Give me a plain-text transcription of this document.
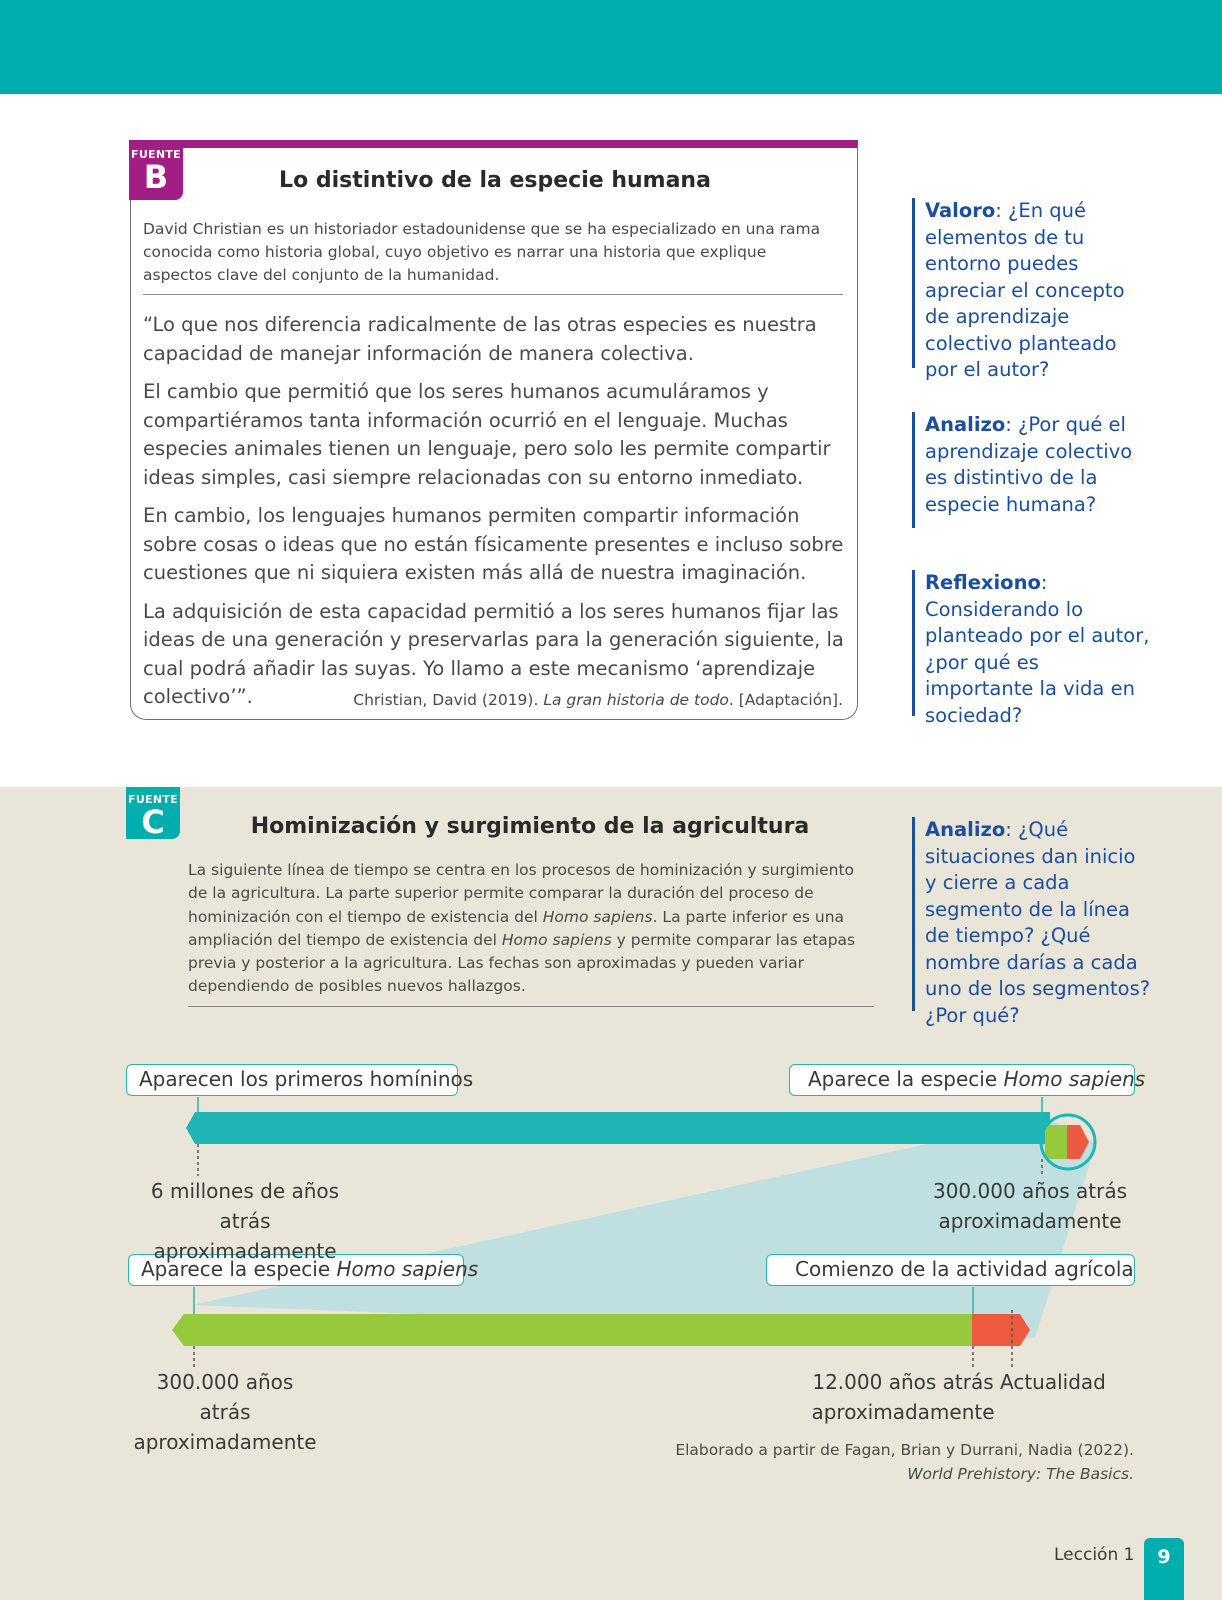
FUENTE
B	Lo distintivo de la especie humana
David Christian es un historiador estadounidense que se ha especializado en una rama conocida como historia global, cuyo objetivo es narrar una historia que explique aspectos clave del conjunto de la humanidad.

“Lo que nos diferencia radicalmente de las otras especies es nuestra capacidad de manejar información de manera colectiva.

El cambio que permitió que los seres humanos acumuláramos y compartiéramos tanta información ocurrió en el lenguaje. Muchas especies animales tienen un lenguaje, pero solo les permite compartir ideas simples, casi siempre relacionadas con su entorno inmediato.

En cambio, los lenguajes humanos permiten compartir información sobre cosas o ideas que no están físicamente presentes e incluso sobre cuestiones que ni siquiera existen más allá de nuestra imaginación.

La adquisición de esta capacidad permitió a los seres humanos fijar las ideas de una generación y preservarlas para la generación siguiente, la cual podrá añadir las suyas. Yo llamo a este mecanismo ‘aprendizaje colectivo’”.	Christian, David (2019). La gran historia de todo. [Adaptación].
Valoro: ¿En qué elementos de tu entorno puedes apreciar el concepto de aprendizaje colectivo planteado por el autor?
Analizo: ¿Por qué el aprendizaje colectivo es distintivo de la especie humana?
Reflexiono: Considerando lo planteado por el autor, ¿por qué es importante la vida en sociedad?
Analizo: ¿Qué situaciones dan inicio y cierre a cada segmento de la línea de tiempo? ¿Qué nombre darías a cada uno de los segmentos? ¿Por qué?
FUENTE
C	Hominización y surgimiento de la agricultura
La siguiente línea de tiempo se centra en los procesos de hominización y surgimiento de la agricultura. La parte superior permite comparar la duración del proceso de hominización con el tiempo de existencia del Homo sapiens. La parte inferior es una ampliación del tiempo de existencia del Homo sapiens y permite comparar las etapas previa y posterior a la agricultura. Las fechas son aproximadas y pueden variar dependiendo de posibles nuevos hallazgos.
Aparecen los primeros homíninos	Aparece la especie Homo sapiens
Aparece la especie Homo sapiens	Comienzo de la actividad agrícola
6 millones de años atrás
aproximadamente
300.000 años atrás
aproximadamente
300.000 años atrás
aproximadamente
12.000 años atrás
aproximadamente
Actualidad
Elaborado a partir de Fagan, Brian y Durrani, Nadia (2022).
World Prehistory: The Basics.
Lección 1	9
